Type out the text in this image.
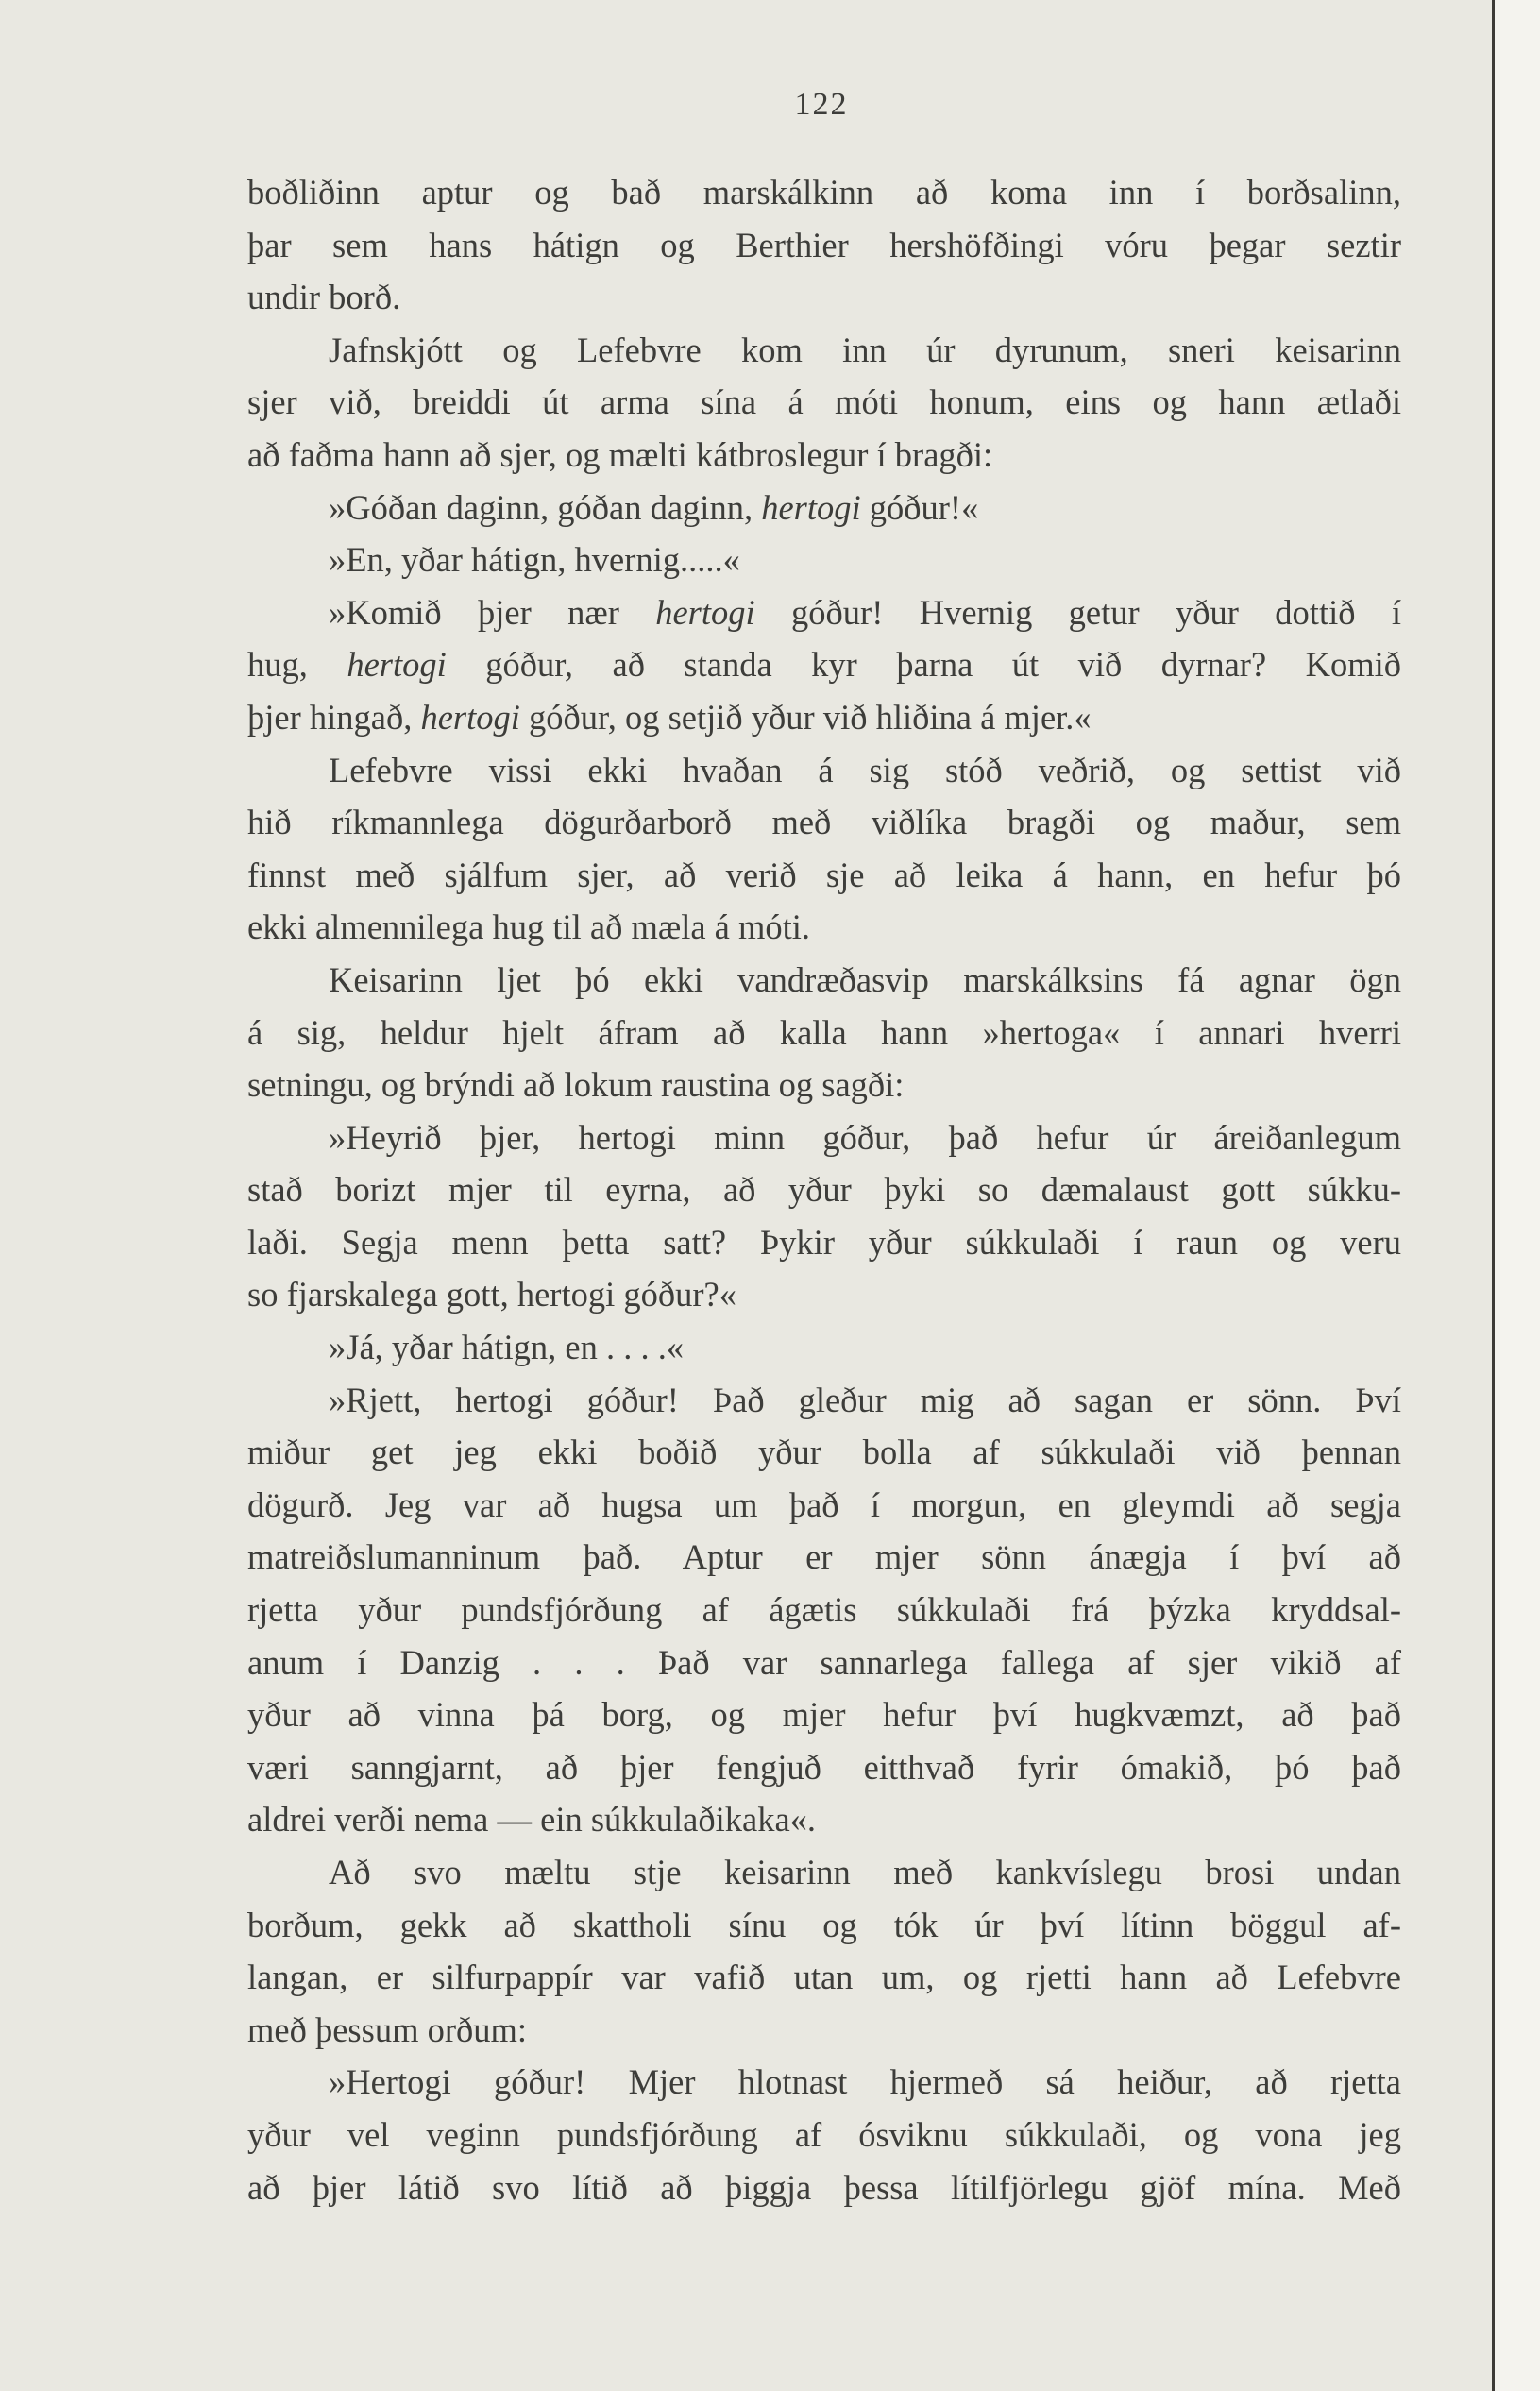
122
boðliðinn aptur og bað marskálkinn að koma inn í borðsalinn,
þar sem hans hátign og Berthier hershöfðingi vóru þegar seztir
undir borð.
Jafnskjótt og Lefebvre kom inn úr dyrunum, sneri keisarinn
sjer við, breiddi út arma sína á móti honum, eins og hann ætlaði
að faðma hann að sjer, og mælti kátbroslegur í bragði:
»Góðan daginn, góðan daginn, hertogi góður!«
»En, yðar hátign, hvernig.....«
»Komið þjer nær hertogi góður! Hvernig getur yður dottið í
hug, hertogi góður, að standa kyr þarna út við dyrnar? Komið
þjer hingað, hertogi góður, og setjið yður við hliðina á mjer.«
Lefebvre vissi ekki hvaðan á sig stóð veðrið, og settist við
hið ríkmannlega dögurðarborð með viðlíka bragði og maður, sem
finnst með sjálfum sjer, að verið sje að leika á hann, en hefur þó
ekki almennilega hug til að mæla á móti.
Keisarinn ljet þó ekki vandræðasvip marskálksins fá agnar ögn
á sig, heldur hjelt áfram að kalla hann »hertoga« í annari hverri
setningu, og brýndi að lokum raustina og sagði:
»Heyrið þjer, hertogi minn góður, það hefur úr áreiðanlegum
stað borizt mjer til eyrna, að yður þyki so dæmalaust gott súkku-
laði. Segja menn þetta satt? Þykir yður súkkulaði í raun og veru
so fjarskalega gott, hertogi góður?«
»Já, yðar hátign, en . . . .«
»Rjett, hertogi góður! Það gleður mig að sagan er sönn. Því
miður get jeg ekki boðið yður bolla af súkkulaði við þennan
dögurð. Jeg var að hugsa um það í morgun, en gleymdi að segja
matreiðslumanninum það. Aptur er mjer sönn ánægja í því að
rjetta yður pundsfjórðung af ágætis súkkulaði frá þýzka kryddsal-
anum í Danzig . . . Það var sannarlega fallega af sjer vikið af
yður að vinna þá borg, og mjer hefur því hugkvæmzt, að það
væri sanngjarnt, að þjer fengjuð eitthvað fyrir ómakið, þó það
aldrei verði nema — ein súkkulaðikaka«.
Að svo mæltu stje keisarinn með kankvíslegu brosi undan
borðum, gekk að skattholi sínu og tók úr því lítinn böggul af-
langan, er silfurpappír var vafið utan um, og rjetti hann að Lefebvre
með þessum orðum:
»Hertogi góður! Mjer hlotnast hjermeð sá heiður, að rjetta
yður vel veginn pundsfjórðung af ósviknu súkkulaði, og vona jeg
að þjer látið svo lítið að þiggja þessa lítilfjörlegu gjöf mína. Með
